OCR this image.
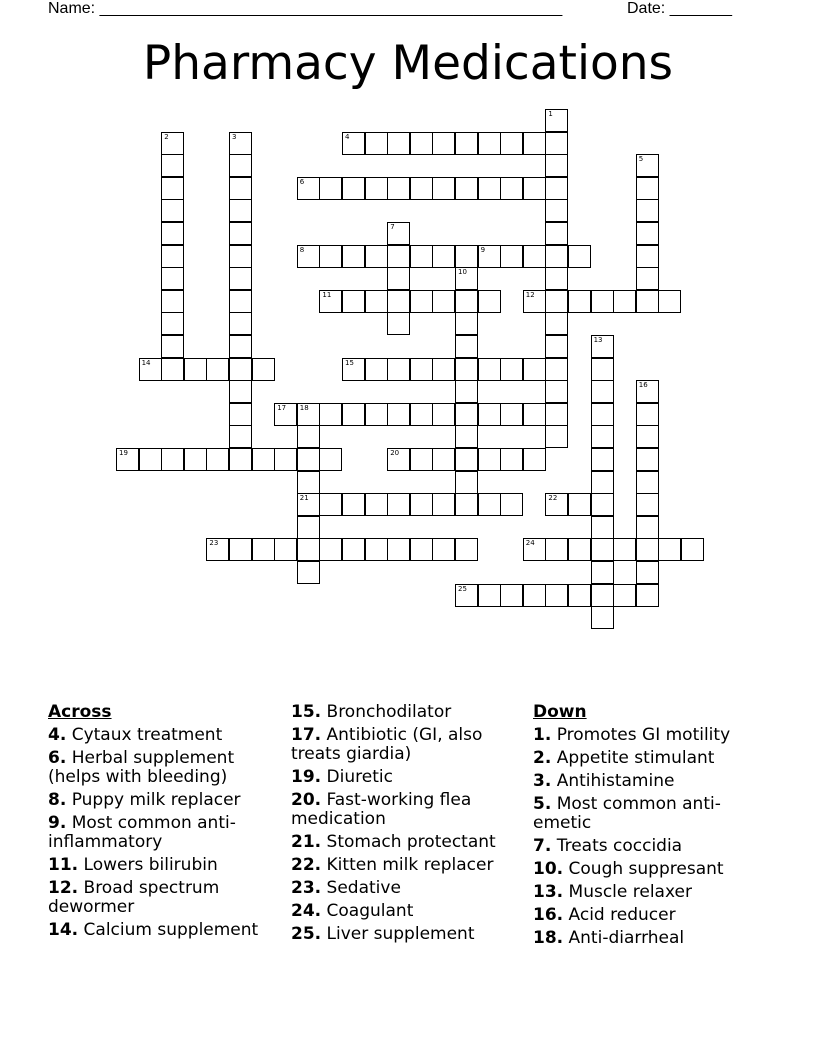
Name: ____________________________________________________	Date: _______
Pharmacy Medications
4
6
8	9
11	12
14	15
17 18
19	20
21	22
23	24
25
1
2	3
5
7
10
13
16
Across
4. Cytaux treatment
6. Herbal supplement (helps with bleeding)
8. Puppy milk replacer
9. Most common anti-inflammatory
11. Lowers bilirubin
12. Broad spectrum dewormer
14. Calcium supplement
15. Bronchodilator
17. Antibiotic (GI, also treats giardia)
19. Diuretic
20. Fast-working flea medication
21. Stomach protectant
22. Kitten milk replacer
23. Sedative
24. Coagulant
25. Liver supplement
Down
1. Promotes GI motility
2. Appetite stimulant
3. Antihistamine
5. Most common anti-emetic
7. Treats coccidia
10. Cough suppresant
13. Muscle relaxer
16. Acid reducer
18. Anti-diarrheal
